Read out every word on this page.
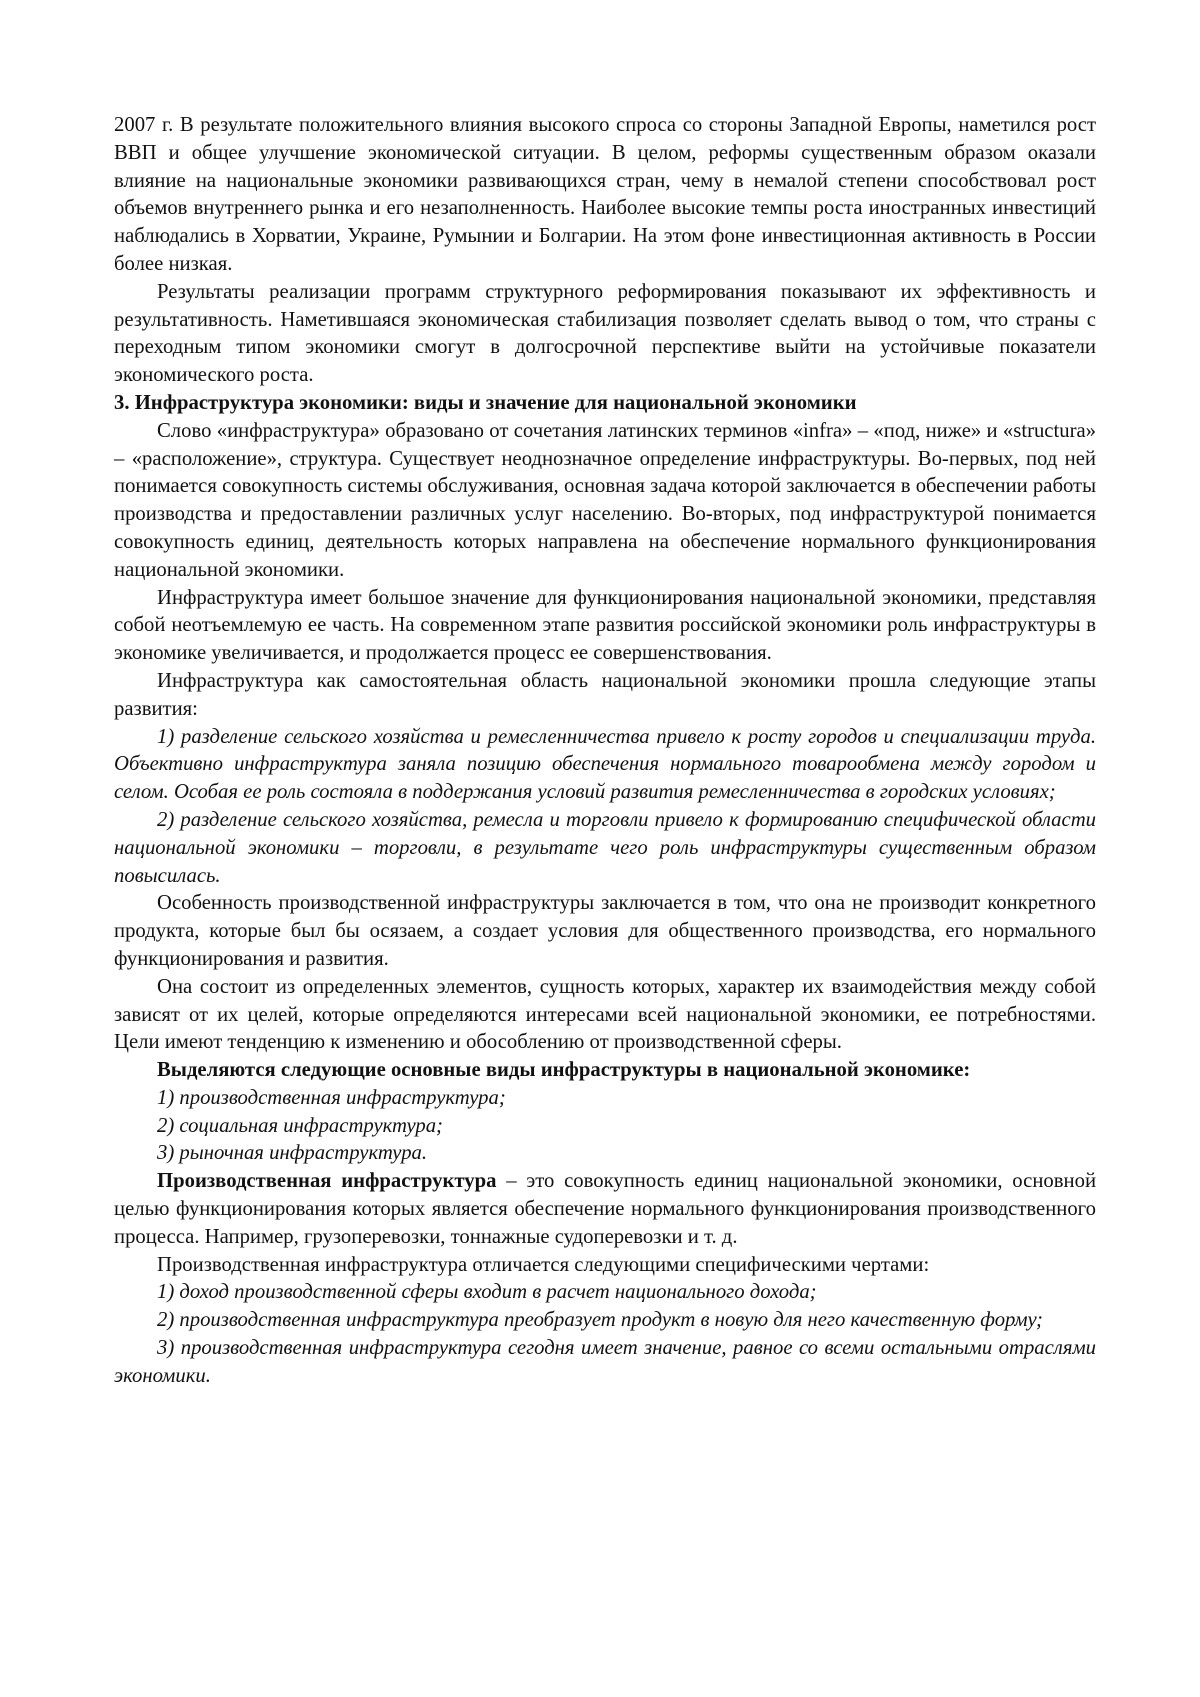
2007 г. В результате положительного влияния высокого спроса со стороны Западной Европы, наметился рост ВВП и общее улучшение экономической ситуации. В целом, реформы существенным образом оказали влияние на национальные экономики развивающихся стран, чему в немалой степени способствовал рост объемов внутреннего рынка и его незаполненность. Наиболее высокие темпы роста иностранных инвестиций наблюдались в Хорватии, Украине, Румынии и Болгарии. На этом фоне инвестиционная активность в России более низкая.

Результаты реализации программ структурного реформирования показывают их эффективность и результативность. Наметившаяся экономическая стабилизация позволяет сделать вывод о том, что страны с переходным типом экономики смогут в долгосрочной перспективе выйти на устойчивые показатели экономического роста.

3. Инфраструктура экономики: виды и значение для национальной экономики

Слово «инфраструктура» образовано от сочетания латинских терминов «infra» – «под, ниже» и «structura» – «расположение», структура. Существует неоднозначное определение инфраструктуры. Во-первых, под ней понимается совокупность системы обслуживания, основная задача которой заключается в обеспечении работы производства и предоставлении различных услуг населению. Во-вторых, под инфраструктурой понимается совокупность единиц, деятельность которых направлена на обеспечение нормального функционирования национальной экономики.

Инфраструктура имеет большое значение для функционирования национальной экономики, представляя собой неотъемлемую ее часть. На современном этапе развития российской экономики роль инфраструктуры в экономике увеличивается, и продолжается процесс ее совершенствования.

Инфраструктура как самостоятельная область национальной экономики прошла следующие этапы развития:

1) разделение сельского хозяйства и ремесленничества привело к росту городов и специализации труда. Объективно инфраструктура заняла позицию обеспечения нормального товарообмена между городом и селом. Особая ее роль состояла в поддержания условий развития ремесленничества в городских условиях;

2) разделение сельского хозяйства, ремесла и торговли привело к формированию специфической области национальной экономики – торговли, в результате чего роль инфраструктуры существенным образом повысилась.

Особенность производственной инфраструктуры заключается в том, что она не производит конкретного продукта, которые был бы осязаем, а создает условия для общественного производства, его нормального функционирования и развития.

Она состоит из определенных элементов, сущность которых, характер их взаимодействия между собой зависят от их целей, которые определяются интересами всей национальной экономики, ее потребностями. Цели имеют тенденцию к изменению и обособлению от производственной сферы.

Выделяются следующие основные виды инфраструктуры в национальной экономике:

1) производственная инфраструктура;

2) социальная инфраструктура;

3) рыночная инфраструктура.

Производственная инфраструктура – это совокупность единиц национальной экономики, основной целью функционирования которых является обеспечение нормального функционирования производственного процесса. Например, грузоперевозки, тоннажные судоперевозки и т. д.

Производственная инфраструктура отличается следующими специфическими чертами:

1) доход производственной сферы входит в расчет национального дохода;

2) производственная инфраструктура преобразует продукт в новую для него качественную форму;

3) производственная инфраструктура сегодня имеет значение, равное со всеми остальными отраслями экономики.
